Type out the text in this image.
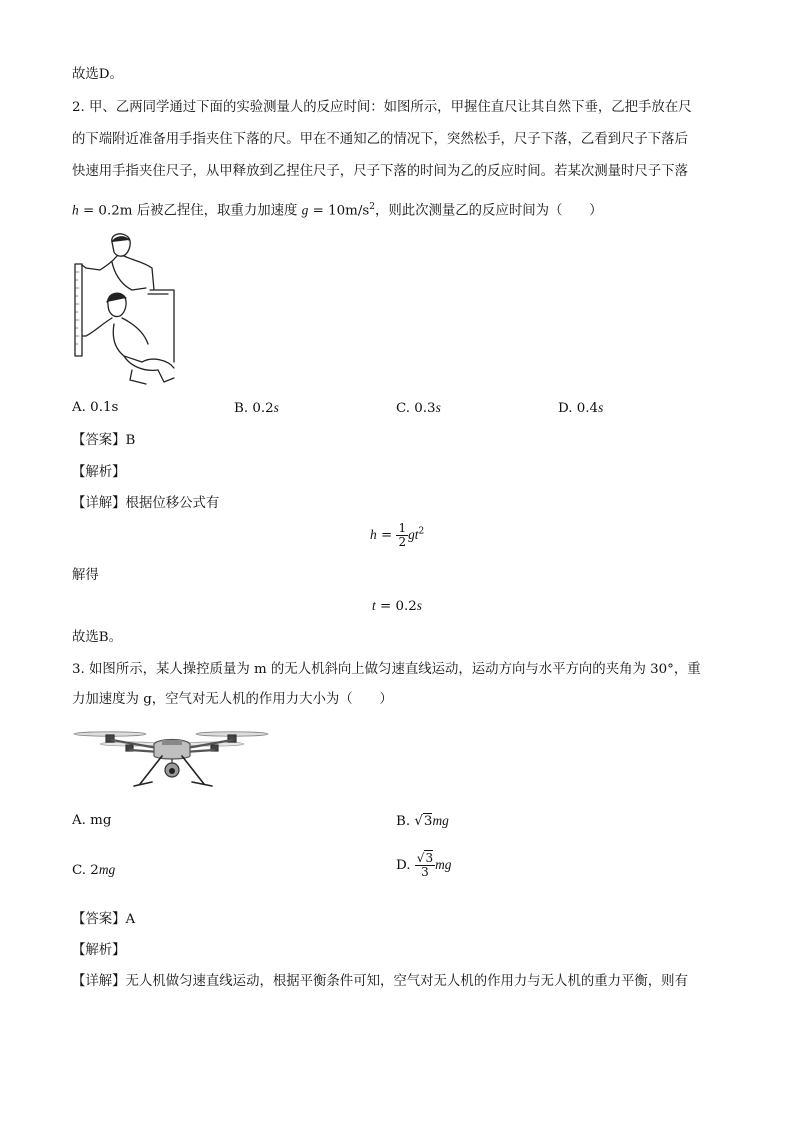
故选D。
2. 甲、乙两同学通过下面的实验测量人的反应时间：如图所示，甲握住直尺让其自然下垂，乙把手放在尺
的下端附近准备用手指夹住下落的尺。甲在不通知乙的情况下，突然松手，尺子下落，乙看到尺子下落后
快速用手指夹住尺子，从甲释放到乙捏住尺子，尺子下落的时间为乙的反应时间。若某次测量时尺子下落
h = 0.2m 后被乙捏住，取重力加速度 $g = 10m/s^2$，则此次测量乙的反应时间为（　　）
A. 0.1s	B. 0.2s	C. 0.3s	D. 0.4s
【答案】B
【解析】
【详解】根据位移公式有
$h = \frac{1}{2} gt^2$
解得
t = 0.2s
故选B。
3. 如图所示，某人操控质量为 m 的无人机斜向上做匀速直线运动，运动方向与水平方向的夹角为 30°，重
力加速度为 g，空气对无人机的作用力大小为（　　）
A. mg	B. √3mg
C. 2mg	D. $\frac{√3}{3}$ mg
【答案】A
【解析】
【详解】无人机做匀速直线运动，根据平衡条件可知，空气对无人机的作用力与无人机的重力平衡，则有
